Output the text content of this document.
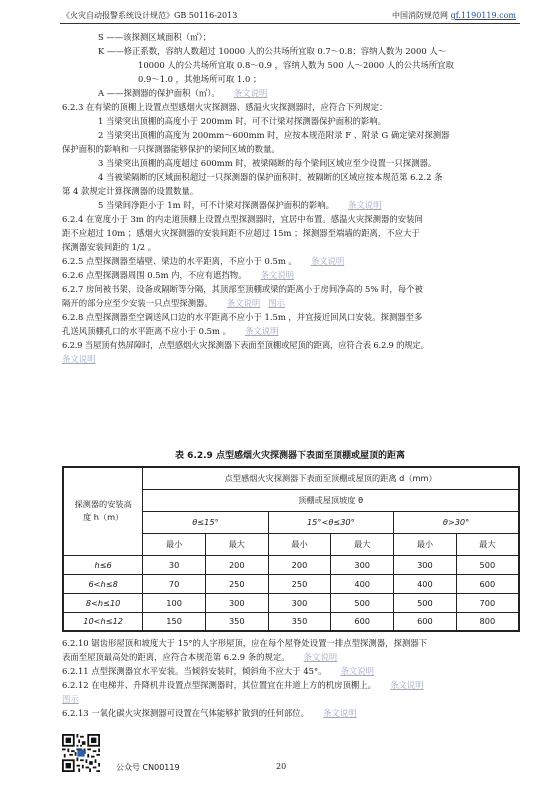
《火灾自动报警系统设计规范》GB 50116-2013	中国消防规范网 gf.1190119.com
S ——该探测区域面积（㎡）；
K ——修正系数，容纳人数超过 10000 人的公共场所宜取 0.7～0.8；容纳人数为 2000 人～
10000 人的公共场所宜取 0.8～0.9 ，容纳人数为 500 人～2000 人的公共场所宜取
0.9～1.0 ，其他场所可取 1.0 ；
A ——探测器的保护面积（㎡）。 条文说明
6.2.3 在有梁的顶棚上设置点型感烟火灾探测器、感温火灾探测器时，应符合下列规定：
1 当梁突出顶棚的高度小于 200mm 时，可不计梁对探测器保护面积的影响。
2 当梁突出顶棚的高度为 200mm～600mm 时，应按本规范附录 F 、附录 G 确定梁对探测器
保护面积的影响和一只探测器能够保护的梁间区域的数量。
3 当梁突出顶棚的高度超过 600mm 时，被梁隔断的每个梁间区域应至少设置一只探测器。
4 当被梁隔断的区域面积超过一只探测器的保护面积时，被隔断的区域应按本规范第 6.2.2 条
第 4 款规定计算探测器的设置数量。
5 当梁间净距小于 1m 时，可不计梁对探测器保护面积的影响。 条文说明
6.2.4 在宽度小于 3m 的内走道顶棚上设置点型探测器时，宜居中布置。感温火灾探测器的安装间
距不应超过 10m ；感烟火灾探测器的安装间距不应超过 15m ；探测器至端墙的距离，不应大于
探测器安装间距的 1/2 。
6.2.5 点型探测器至墙壁、梁边的水平距离，不应小于 0.5m 。 条文说明
6.2.6 点型探测器周围 0.5m 内，不应有遮挡物。 条文说明
6.2.7 房间被书架、设备或隔断等分隔，其顶部至顶棚或梁的距离小于房间净高的 5% 时，每个被
隔开的部分应至少安装一只点型探测器。 条文说明 图示
6.2.8 点型探测器至空调送风口边的水平距离不应小于 1.5m ，并宜接近回风口安装。探测器至多
孔送风顶棚孔口的水平距离不应小于 0.5m 。 条文说明
6.2.9 当屋顶有热屏障时，点型感烟火灾探测器下表面至顶棚或屋顶的距离，应符合表 6.2.9 的规定。
条文说明
表 6.2.9 点型感烟火灾探测器下表面至顶棚或屋顶的距离
探测器的安装高度 h（m）	点型感烟火灾探测器下表面至顶棚或屋顶的距离 d（mm）					
	顶棚或屋顶坡度 θ					
	θ≤15°		15°<θ≤30°		θ>30°	
	最小	最大	最小	最大	最小	最大
h≤6	30	200	200	300	300	500
6<h≤8	70	250	250	400	400	600
8<h≤10	100	300	300	500	500	700
10<h≤12	150	350	350	600	600	800
6.2.10 锯齿形屋顶和坡度大于 15°的人字形屋顶，应在每个屋脊处设置一排点型探测器，探测器下
表面至屋顶最高处的距离，应符合本规范第 6.2.9 条的规定。 条文说明
6.2.11 点型探测器宜水平安装。当倾斜安装时，倾斜角不应大于 45°。 条文说明
6.2.12 在电梯井、升降机井设置点型探测器时，其位置宜在井道上方的机房顶棚上。 条文说明
图示
6.2.13 一氧化碳火灾探测器可设置在气体能够扩散到的任何部位。 条文说明
公众号 CN00119	20
